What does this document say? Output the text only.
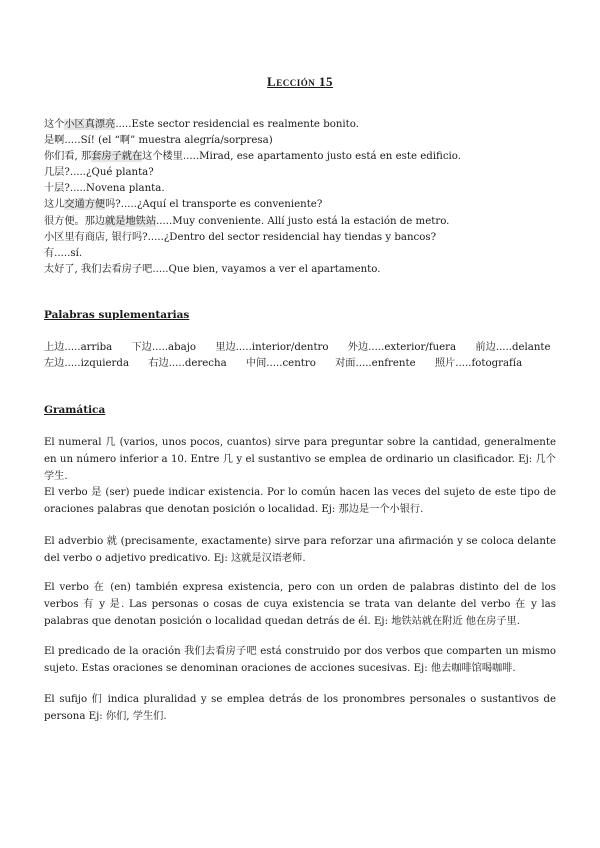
Lección 15
这个小区真漂亮.....Este sector residencial es realmente bonito.
是啊.....Sí! (el “啊” muestra alegría/sorpresa)
你们看, 那套房子就在这个楼里.....Mirad, ese apartamento justo está en este edificio.
几层?.....¿Qué planta?
十层?.....Novena planta.
这儿交通方便吗?.....¿Aquí el transporte es conveniente?
很方便。那边就是地铁站.....Muy conveniente. Allí justo está la estación de metro.
小区里有商店, 银行吗?.....¿Dentro del sector residencial hay tiendas y bancos?
有.....sí.
太好了, 我们去看房子吧.....Que bien, vayamos a ver el apartamento.
Palabras suplementarias
上边.....arriba 下边.....abajo 里边.....interior/dentro 外边.....exterior/fuera 前边.....delante
左边.....izquierda 右边.....derecha 中间.....centro 对面.....enfrente 照片.....fotografía
Gramática
El numeral 几 (varios, unos pocos, cuantos) sirve para preguntar sobre la cantidad, generalmente en un número inferior a 10. Entre 几 y el sustantivo se emplea de ordinario un clasificador. Ej: 几个学生.
El verbo 是 (ser) puede indicar existencia. Por lo común hacen las veces del sujeto de este tipo de oraciones palabras que denotan posición o localidad. Ej: 那边是一个小银行.
El adverbio 就 (precisamente, exactamente) sirve para reforzar una afirmación y se coloca delante del verbo o adjetivo predicativo. Ej: 这就是汉语老师.
El verbo 在 (en) también expresa existencia, pero con un orden de palabras distinto del de los verbos 有 y 是. Las personas o cosas de cuya existencia se trata van delante del verbo 在 y las palabras que denotan posición o localidad quedan detrás de él. Ej: 地铁站就在附近 他在房子里.
El predicado de la oración 我们去看房子吧 está construido por dos verbos que comparten un mismo sujeto. Estas oraciones se denominan oraciones de acciones sucesivas. Ej: 他去咖啡馆喝咖啡.
El sufijo 们 indica pluralidad y se emplea detrás de los pronombres personales o sustantivos de persona Ej: 你们, 学生们.
